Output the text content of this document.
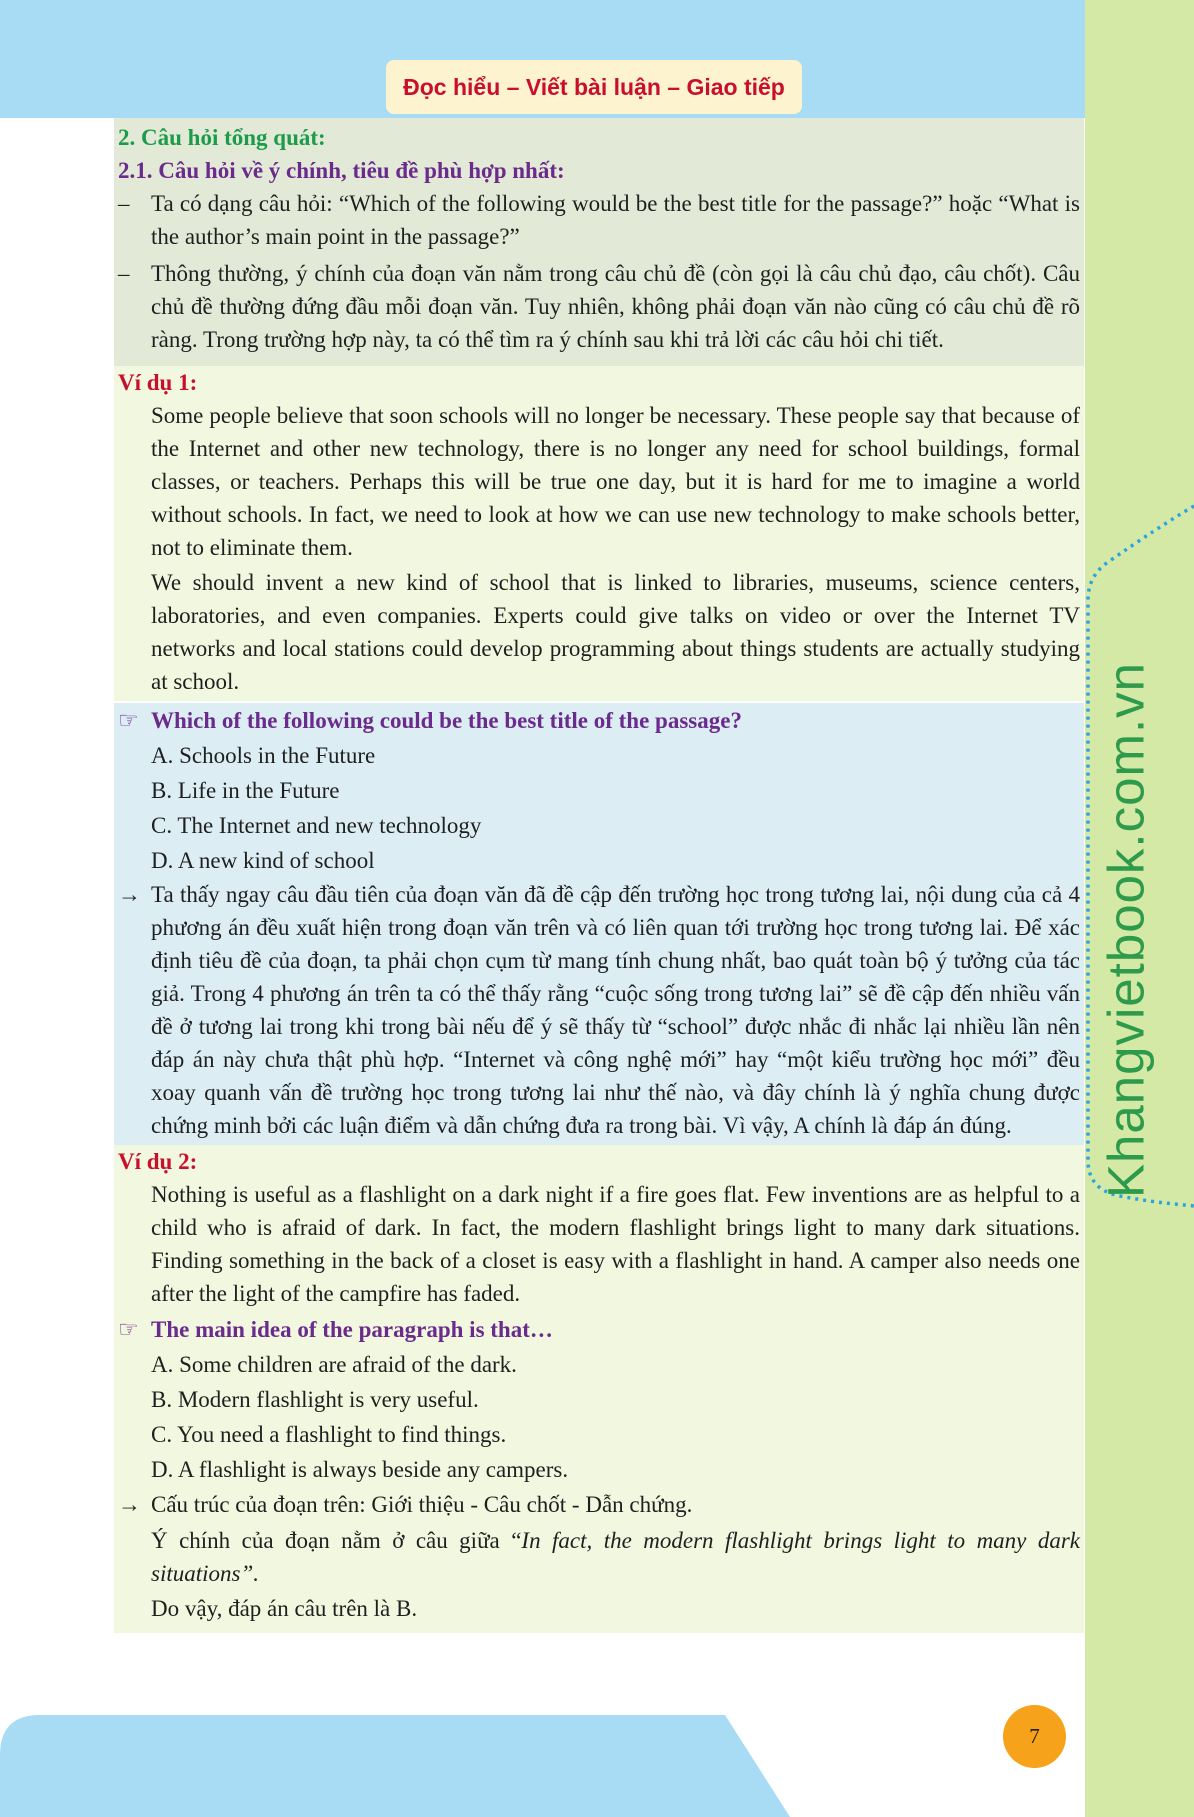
Đọc hiểu – Viết bài luận – Giao tiếp
Khangvietbook.com.vn

2. Câu hỏi tổng quát:

2.1. Câu hỏi về ý chính, tiêu đề phù hợp nhất:

– Ta có dạng câu hỏi: “Which of the following would be the best title for the passage?” hoặc “What is the author’s main point in the passage?”
– Thông thường, ý chính của đoạn văn nằm trong câu chủ đề (còn gọi là câu chủ đạo, câu chốt). Câu chủ đề thường đứng đầu mỗi đoạn văn. Tuy nhiên, không phải đoạn văn nào cũng có câu chủ đề rõ ràng. Trong trường hợp này, ta có thể tìm ra ý chính sau khi trả lời các câu hỏi chi tiết.

Ví dụ 1:

Some people believe that soon schools will no longer be necessary. These people say that because of the Internet and other new technology, there is no longer any need for school buildings, formal classes, or teachers. Perhaps this will be true one day, but it is hard for me to imagine a world without schools. In fact, we need to look at how we can use new technology to make schools better, not to eliminate them.
We should invent a new kind of school that is linked to libraries, museums, science centers, laboratories, and even companies. Experts could give talks on video or over the Internet TV networks and local stations could develop programming about things students are actually studying at school.
☞ Which of the following could be the best title of the passage?
A. Schools in the Future
B. Life in the Future
C. The Internet and new technology
D. A new kind of school
→ Ta thấy ngay câu đầu tiên của đoạn văn đã đề cập đến trường học trong tương lai, nội dung của cả 4 phương án đều xuất hiện trong đoạn văn trên và có liên quan tới trường học trong tương lai. Để xác định tiêu đề của đoạn, ta phải chọn cụm từ mang tính chung nhất, bao quát toàn bộ ý tưởng của tác giả. Trong 4 phương án trên ta có thể thấy rằng “cuộc sống trong tương lai” sẽ đề cập đến nhiều vấn đề ở tương lai trong khi trong bài nếu để ý sẽ thấy từ “school” được nhắc đi nhắc lại nhiều lần nên đáp án này chưa thật phù hợp. “Internet và công nghệ mới” hay “một kiểu trường học mới” đều xoay quanh vấn đề trường học trong tương lai như thế nào, và đây chính là ý nghĩa chung được chứng minh bởi các luận điểm và dẫn chứng đưa ra trong bài. Vì vậy, A chính là đáp án đúng.

Ví dụ 2:

Nothing is useful as a flashlight on a dark night if a fire goes flat. Few inventions are as helpful to a child who is afraid of dark. In fact, the modern flashlight brings light to many dark situations. Finding something in the back of a closet is easy with a flashlight in hand. A camper also needs one after the light of the campfire has faded.
☞ The main idea of the paragraph is that…
A. Some children are afraid of the dark.
B. Modern flashlight is very useful.
C. You need a flashlight to find things.
D. A flashlight is always beside any campers.
→ Cấu trúc của đoạn trên: Giới thiệu - Câu chốt - Dẫn chứng.
Ý chính của đoạn nằm ở câu giữa “In fact, the modern flashlight brings light to many dark situations”.
Do vậy, đáp án câu trên là B.
7
